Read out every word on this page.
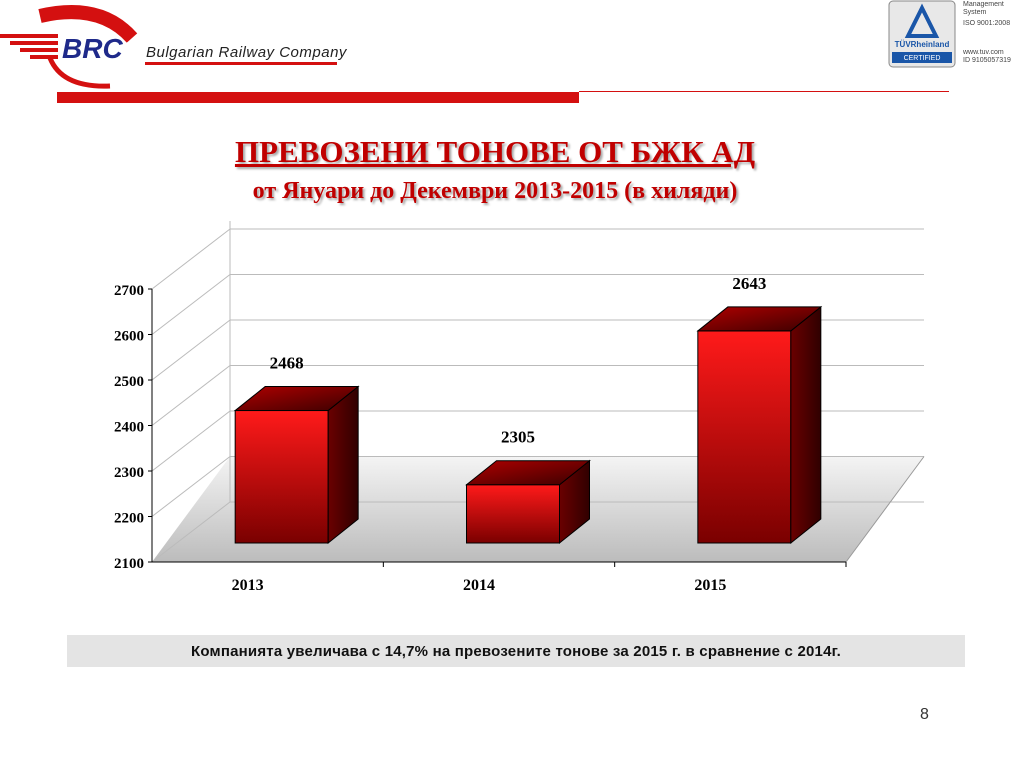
BRC Bulgarian Railway Company	TÜVRheinland
CERTIFIED
Management System
ISO 9001:2008
www.tuv.com
ID 9105057319
ПРЕВОЗЕНИ ТОНОВЕ ОТ БЖК АД
от Януари до Декември 2013-2015 (в хиляди)
2100
2200
2300
2400
2500
2600
2700
2468
2013
2305
2014
2643
2015
Компанията увеличава с 14,7% на превозените тонове за 2015 г. в сравнение с 2014г.
8
